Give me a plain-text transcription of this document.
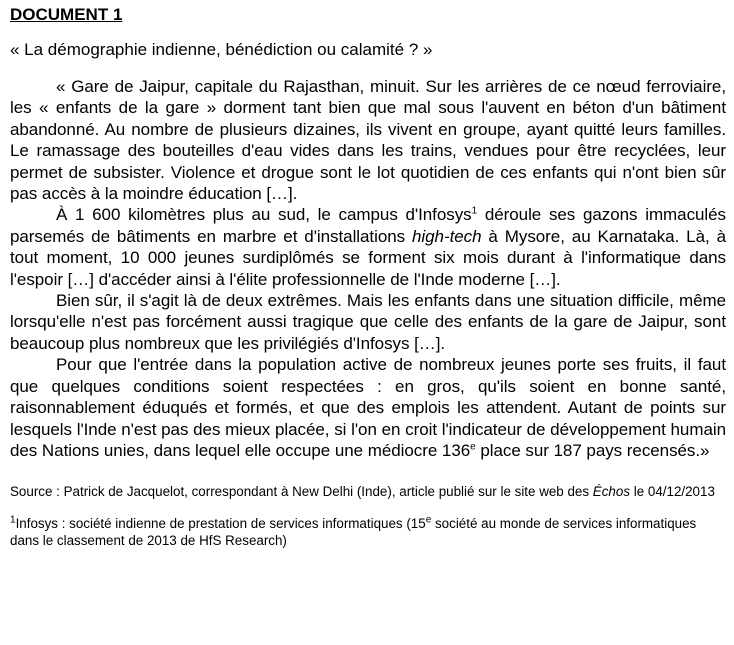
DOCUMENT 1
« La démographie indienne, bénédiction ou calamité ? »

« Gare de Jaipur, capitale du Rajasthan, minuit. Sur les arrières de ce nœud ferroviaire, les « enfants de la gare » dorment tant bien que mal sous l'auvent en béton d'un bâtiment abandonné. Au nombre de plusieurs dizaines, ils vivent en groupe, ayant quitté leurs familles. Le ramassage des bouteilles d'eau vides dans les trains, vendues pour être recyclées, leur permet de subsister. Violence et drogue sont le lot quotidien de ces enfants qui n'ont bien sûr pas accès à la moindre éducation […].

À 1 600 kilomètres plus au sud, le campus d'Infosys$^1$ déroule ses gazons immaculés parsemés de bâtiments en marbre et d'installations high-tech à Mysore, au Karnataka. Là, à tout moment, 10 000 jeunes surdiplômés se forment six mois durant à l'informatique dans l'espoir […] d'accéder ainsi à l'élite professionnelle de l'Inde moderne […].

Bien sûr, il s'agit là de deux extrêmes. Mais les enfants dans une situation difficile, même lorsqu'elle n'est pas forcément aussi tragique que celle des enfants de la gare de Jaipur, sont beaucoup plus nombreux que les privilégiés d'Infosys […].

Pour que l'entrée dans la population active de nombreux jeunes porte ses fruits, il faut que quelques conditions soient respectées : en gros, qu'ils soient en bonne santé, raisonnablement éduqués et formés, et que des emplois les attendent. Autant de points sur lesquels l'Inde n'est pas des mieux placée, si l'on en croit l'indicateur de développement humain des Nations unies, dans lequel elle occupe une médiocre 136e place sur 187 pays recensés.»

Source : Patrick de Jacquelot, correspondant à New Delhi (Inde), article publié sur le site web des Échos le 04/12/2013
$^1$Infosys : société indienne de prestation de services informatiques (15e société au monde de services informatiques dans le classement de 2013 de HfS Research)
